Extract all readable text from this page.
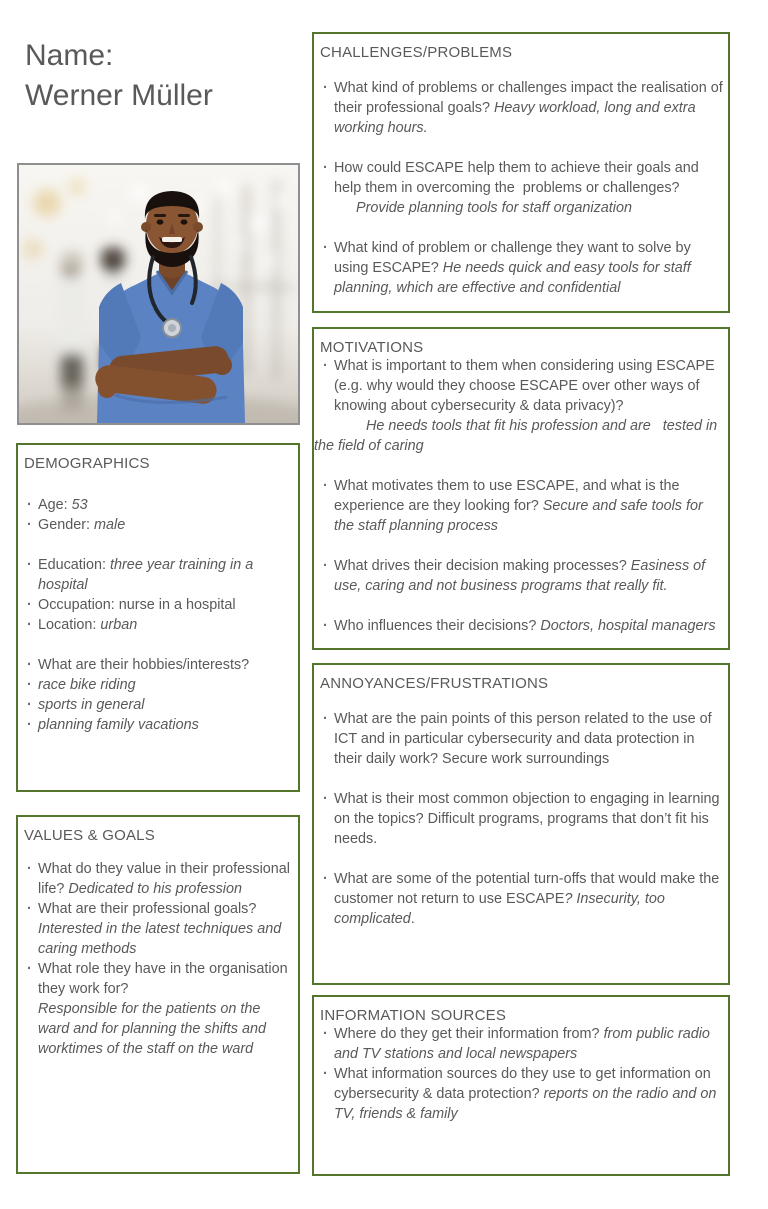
Name:
Werner Müller
CHALLENGES/PROBLEMS
· What kind of problems or challenges impact the realisation of their professional goals? Heavy workload, long and extra working hours.
· How could ESCAPE help them to achieve their goals and help them in overcoming the  problems or challenges?
Provide planning tools for staff organization
· What kind of problem or challenge they want to solve by using ESCAPE? He needs quick and easy tools for staff planning, which are effective and confidential
MOTIVATIONS
· What is important to them when considering using ESCAPE (e.g. why would they choose ESCAPE over other ways of knowing about cybersecurity & data privacy)?
He needs tools that fit his profession and are   tested in the field of caring
· What motivates them to use ESCAPE, and what is the experience are they looking for? Secure and safe tools for the staff planning process
· What drives their decision making processes? Easiness of use, caring and not business programs that really fit.
· Who influences their decisions? Doctors, hospital managers
ANNOYANCES/FRUSTRATIONS
· What are the pain points of this person related to the use of ICT and in particular cybersecurity and data protection in their daily work? Secure work surroundings
· What is their most common objection to engaging in learning on the topics? Difficult programs, programs that don’t fit his needs.
· What are some of the potential turn-offs that would make the customer not return to use ESCAPE? Insecurity, too complicated.
INFORMATION SOURCES
· Where do they get their information from? from public radio and TV stations and local newspapers
· What information sources do they use to get information on cybersecurity & data protection? reports on the radio and on TV, friends & family
DEMOGRAPHICS
· Age: 53
· Gender: male
· Education: three year training in a hospital
· Occupation: nurse in a hospital
· Location: urban
· What are their hobbies/interests?
· race bike riding
· sports in general
· planning family vacations
VALUES & GOALS
· What do they value in their professional life? Dedicated to his profession
· What are their professional goals? Interested in the latest techniques and caring methods
· What role they have in the organisation they work for?
Responsible for the patients on the ward and for planning the shifts and worktimes of the staff on the ward
